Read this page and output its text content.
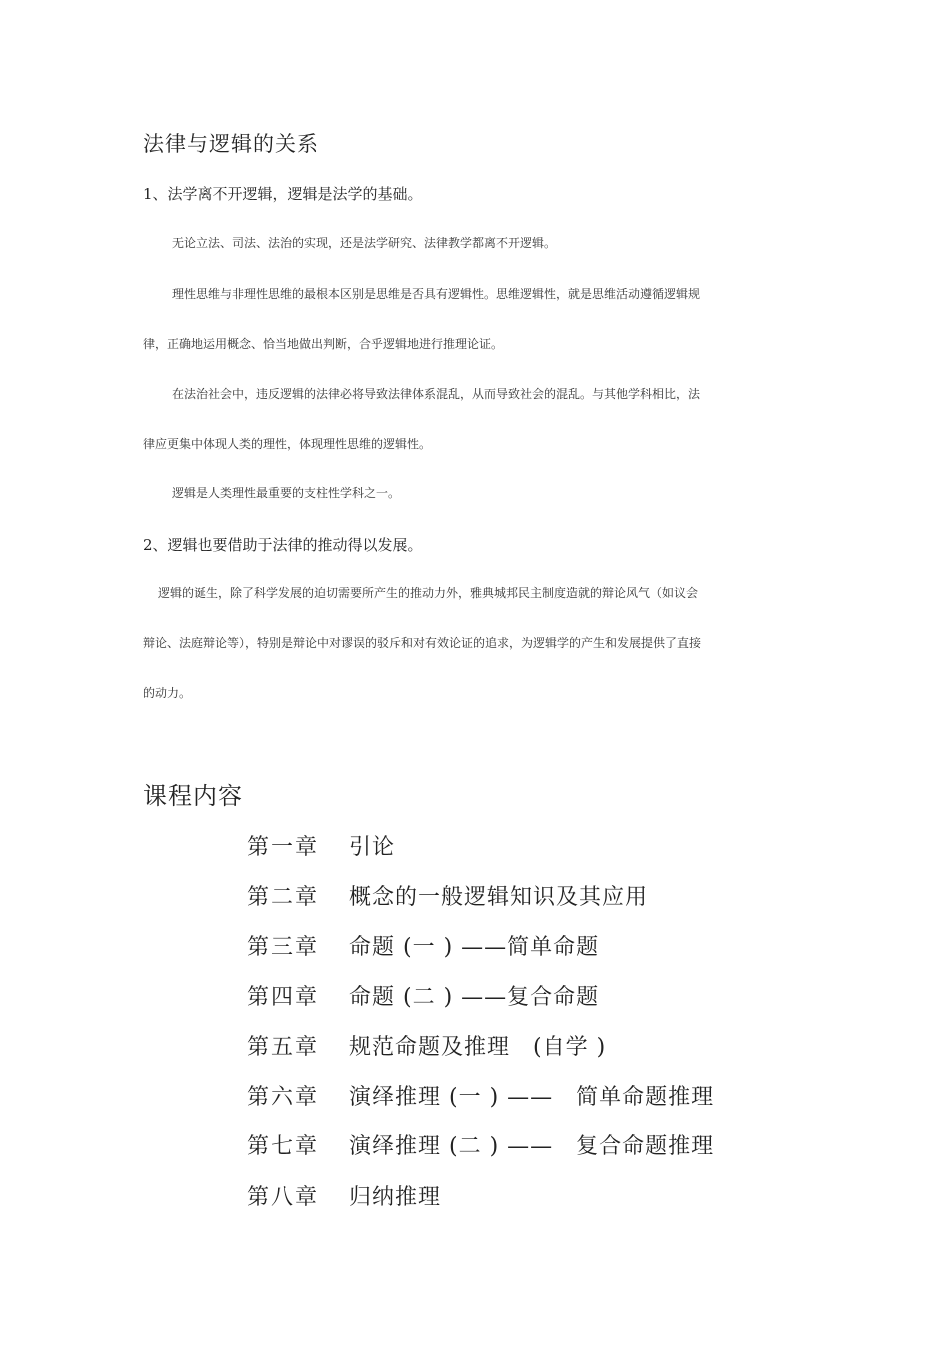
法律与逻辑的关系
1、法学离不开逻辑，逻辑是法学的基础。
无论立法、司法、法治的实现，还是法学研究、法律教学都离不开逻辑。
理性思维与非理性思维的最根本区别是思维是否具有逻辑性。思维逻辑性，就是思维活动遵循逻辑规
律，正确地运用概念、恰当地做出判断，合乎逻辑地进行推理论证。
在法治社会中，违反逻辑的法律必将导致法律体系混乱，从而导致社会的混乱。与其他学科相比，法
律应更集中体现人类的理性，体现理性思维的逻辑性。
逻辑是人类理性最重要的支柱性学科之一。
2、逻辑也要借助于法律的推动得以发展。
逻辑的诞生，除了科学发展的迫切需要所产生的推动力外，雅典城邦民主制度造就的辩论风气（如议会
辩论、法庭辩论等），特别是辩论中对谬误的驳斥和对有效论证的追求，为逻辑学的产生和发展提供了直接
的动力。
课程内容
第一章 引论
第二章 概念的一般逻辑知识及其应用
第三章 命题 (一 ) ——简单命题
第四章 命题 (二 ) ——复合命题
第五章 规范命题及推理　(自学 )
第六章 演绎推理 (一 ) ——　简单命题推理
第七章 演绎推理 (二 ) ——　复合命题推理
第八章 归纳推理
